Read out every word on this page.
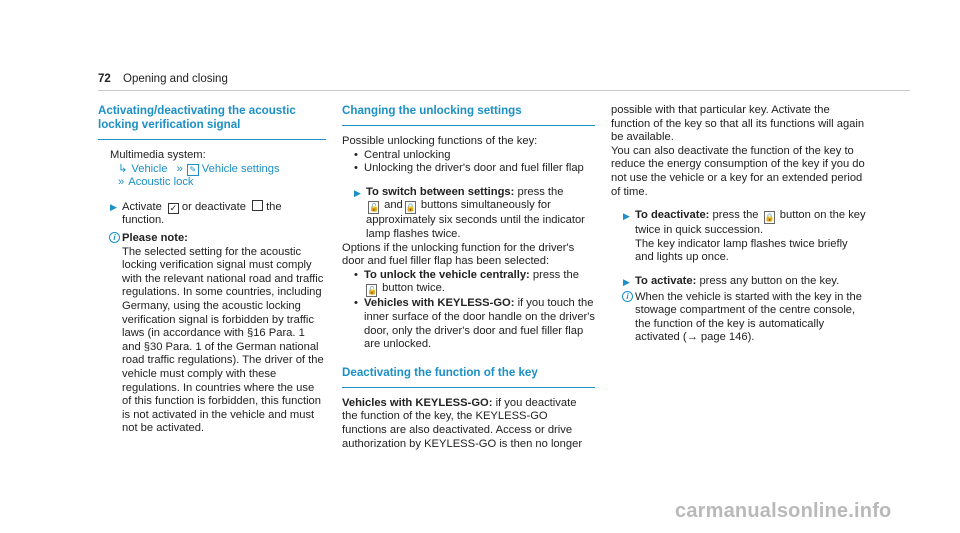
72 Opening and closing

Activating/deactivating the acoustic locking verification signal

Multimedia system:

↳ Vehicle » ✎ Vehicle settings
» Acoustic lock
▶ Activate ✓ or deactivate the function.
i Please note:

The selected setting for the acoustic locking verification signal must comply with the relevant national road and traffic regulations. In some countries, including Germany, using the acoustic locking verification signal is forbidden by traffic laws (in accordance with §16 Para. 1 and §30 Para. 1 of the German national road traffic regulations). The driver of the vehicle must comply with these regulations. In countries where the use of this function is forbidden, this function is not activated in the vehicle and must not be activated.

Changing the unlocking settings

Possible unlocking functions of the key:

• Central unlocking
• Unlocking the driver's door and fuel filler flap
▶ To switch between settings: press the
🔓 and 🔒 buttons simultaneously for approximately six seconds until the indicator lamp flashes twice.

Options if the unlocking function for the driver's door and fuel filler flap has been selected:

• To unlock the vehicle centrally: press the
🔓 button twice.
• Vehicles with KEYLESS-GO: if you touch the inner surface of the door handle on the driver's door, only the driver's door and fuel filler flap are unlocked.

Deactivating the function of the key

Vehicles with KEYLESS-GO: if you deactivate the function of the key, the KEYLESS-GO functions are also deactivated. Access or drive authorization by KEYLESS-GO is then no longer

possible with that particular key. Activate the function of the key so that all its functions will again be available.

You can also deactivate the function of the key to reduce the energy consumption of the key if you do not use the vehicle or a key for an extended period of time.

▶ To deactivate: press the 🔒 button on the key twice in quick succession.
The key indicator lamp flashes twice briefly and lights up once.
▶ To activate: press any button on the key.
i When the vehicle is started with the key in the stowage compartment of the centre console, the function of the key is automatically activated (→ page 146).

carmanualsonline.info
